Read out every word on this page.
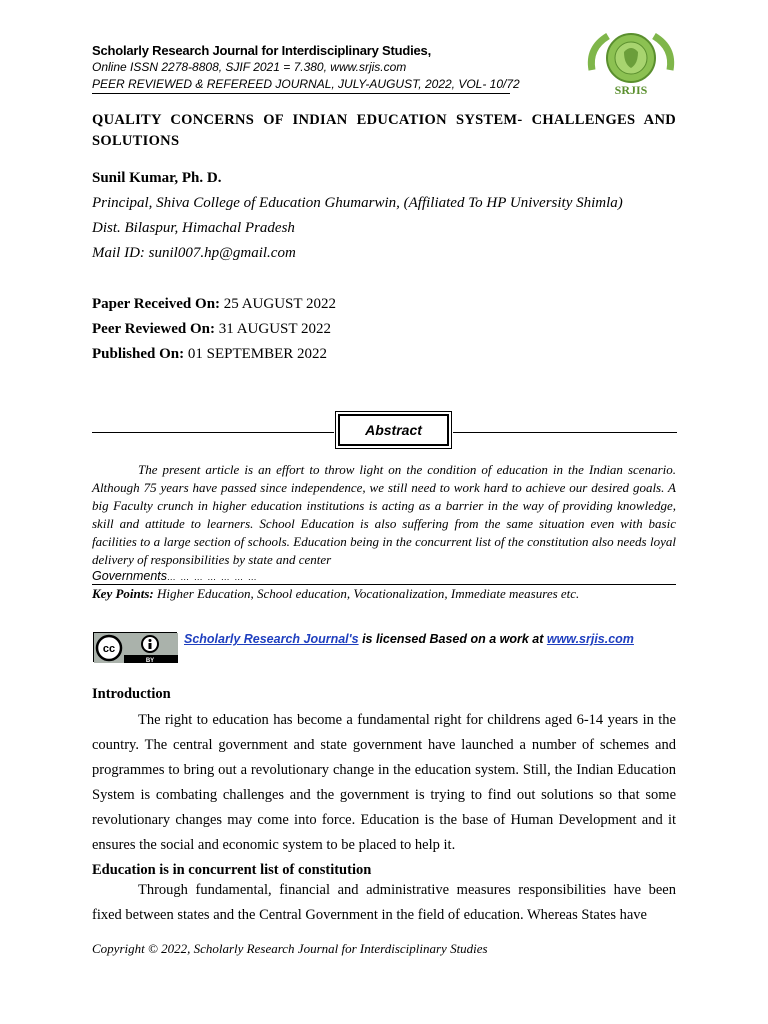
Scholarly Research Journal for Interdisciplinary Studies,
Online ISSN 2278-8808, SJIF 2021 = 7.380, www.srjis.com
PEER REVIEWED & REFEREED JOURNAL, JULY-AUGUST, 2022, VOL- 10/72	SRJIS
QUALITY CONCERNS OF INDIAN EDUCATION SYSTEM- CHALLENGES AND
SOLUTIONS
Sunil Kumar, Ph. D.
Principal, Shiva College of Education Ghumarwin, (Affiliated To HP University Shimla)
Dist. Bilaspur, Himachal Pradesh
Mail ID: sunil007.hp@gmail.com
Paper Received On: 25 AUGUST 2022
Peer Reviewed On: 31 AUGUST 2022
Published On: 01 SEPTEMBER 2022
Abstract
The present article is an effort to throw light on the condition of education in the Indian scenario. Although 75 years have passed since independence, we still need to work hard to achieve our desired goals. A big Faculty crunch in higher education institutions is acting as a barrier in the way of providing knowledge, skill and attitude to learners. School Education is also suffering from the same situation even with basic facilities to a large section of schools. Education being in the concurrent list of the constitution also needs loyal delivery of responsibilities by state and center
Governments… … … … … … …
Key Points: Higher Education, School education, Vocationalization, Immediate measures etc.
cc
BY
Scholarly Research Journal's is licensed Based on a work at www.srjis.com
Introduction

The right to education has become a fundamental right for childrens aged 6-14 years in the country. The central government and state government have launched a number of schemes and programmes to bring out a revolutionary change in the education system. Still, the Indian Education System is combating challenges and the government is trying to find out solutions so that some revolutionary changes may come into force. Education is the base of Human Development and it ensures the social and economic system to be placed to help it.

Education is in concurrent list of constitution

Through fundamental, financial and administrative measures responsibilities have been fixed between states and the Central Government in the field of education. Whereas States have

Copyright © 2022, Scholarly Research Journal for Interdisciplinary Studies
